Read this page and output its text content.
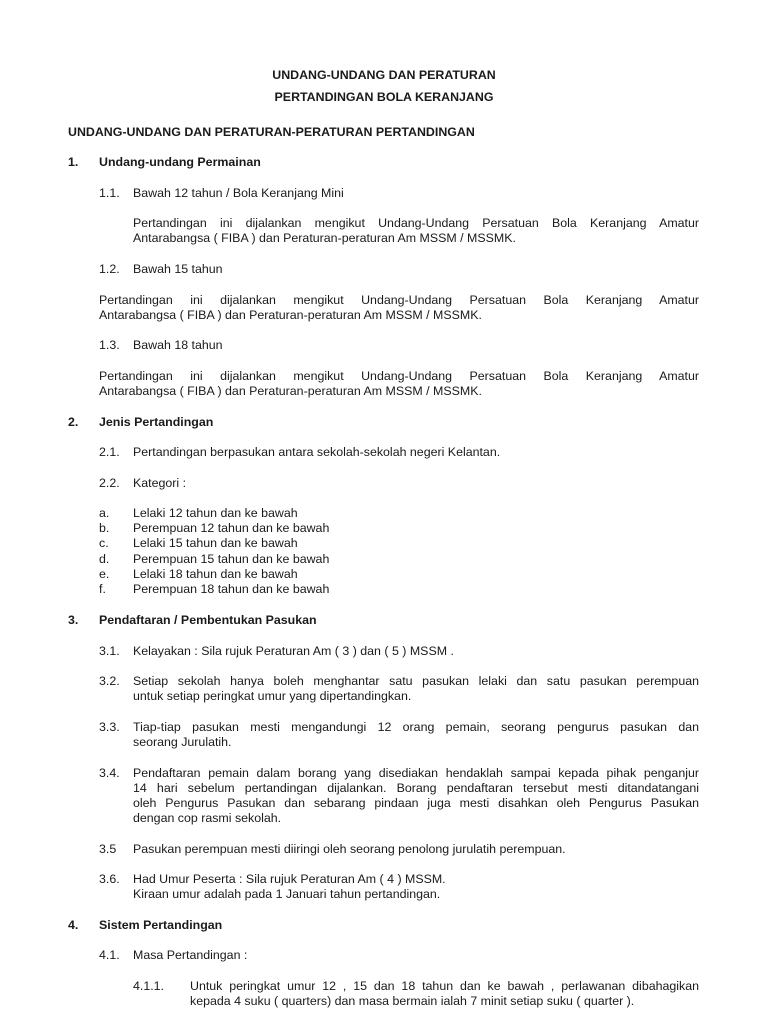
UNDANG-UNDANG DAN PERATURAN
PERTANDINGAN BOLA KERANJANG
UNDANG-UNDANG DAN PERATURAN-PERATURAN PERTANDINGAN
1. Undang-undang Permainan
1.1. Bawah 12 tahun / Bola Keranjang Mini
Pertandingan ini dijalankan mengikut Undang-Undang Persatuan Bola Keranjang Amatur
Antarabangsa ( FIBA ) dan Peraturan-peraturan Am MSSM / MSSMK.
1.2. Bawah 15 tahun
Pertandingan ini dijalankan mengikut Undang-Undang Persatuan Bola Keranjang Amatur
Antarabangsa ( FIBA ) dan Peraturan-peraturan Am MSSM / MSSMK.
1.3. Bawah 18 tahun
Pertandingan ini dijalankan mengikut Undang-Undang Persatuan Bola Keranjang Amatur
Antarabangsa ( FIBA ) dan Peraturan-peraturan Am MSSM / MSSMK.
2. Jenis Pertandingan
2.1. Pertandingan berpasukan antara sekolah-sekolah negeri Kelantan.
2.2. Kategori :
a. Lelaki 12 tahun dan ke bawah
b. Perempuan 12 tahun dan ke bawah
c. Lelaki 15 tahun dan ke bawah
d. Perempuan 15 tahun dan ke bawah
e. Lelaki 18 tahun dan ke bawah
f. Perempuan 18 tahun dan ke bawah
3. Pendaftaran / Pembentukan Pasukan
3.1. Kelayakan : Sila rujuk Peraturan Am ( 3 ) dan ( 5 ) MSSM .
3.2. Setiap sekolah hanya boleh menghantar satu pasukan lelaki dan satu pasukan perempuan
untuk setiap peringkat umur yang dipertandingkan.
3.3. Tiap-tiap pasukan mesti mengandungi 12 orang pemain, seorang pengurus pasukan dan
seorang Jurulatih.
3.4. Pendaftaran pemain dalam borang yang disediakan hendaklah sampai kepada pihak penganjur
14 hari sebelum pertandingan dijalankan. Borang pendaftaran tersebut mesti ditandatangani
oleh Pengurus Pasukan dan sebarang pindaan juga mesti disahkan oleh Pengurus Pasukan
dengan cop rasmi sekolah.
3.5 Pasukan perempuan mesti diiringi oleh seorang penolong jurulatih perempuan.
3.6. Had Umur Peserta : Sila rujuk Peraturan Am ( 4 ) MSSM.
Kiraan umur adalah pada 1 Januari tahun pertandingan.
4. Sistem Pertandingan
4.1. Masa Pertandingan :
4.1.1. Untuk peringkat umur 12 , 15 dan 18 tahun dan ke bawah , perlawanan dibahagikan
kepada 4 suku ( quarters) dan masa bermain ialah 7 minit setiap suku ( quarter ).
